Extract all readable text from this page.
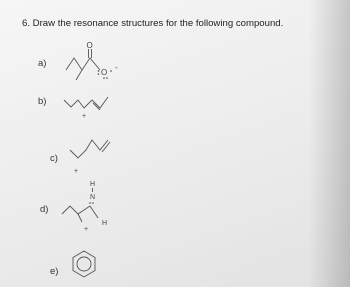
6. Draw the resonance structures for the following compound.
a)
b)
c)
d)
e)
O
O
-
+
+
H
N
H
+
